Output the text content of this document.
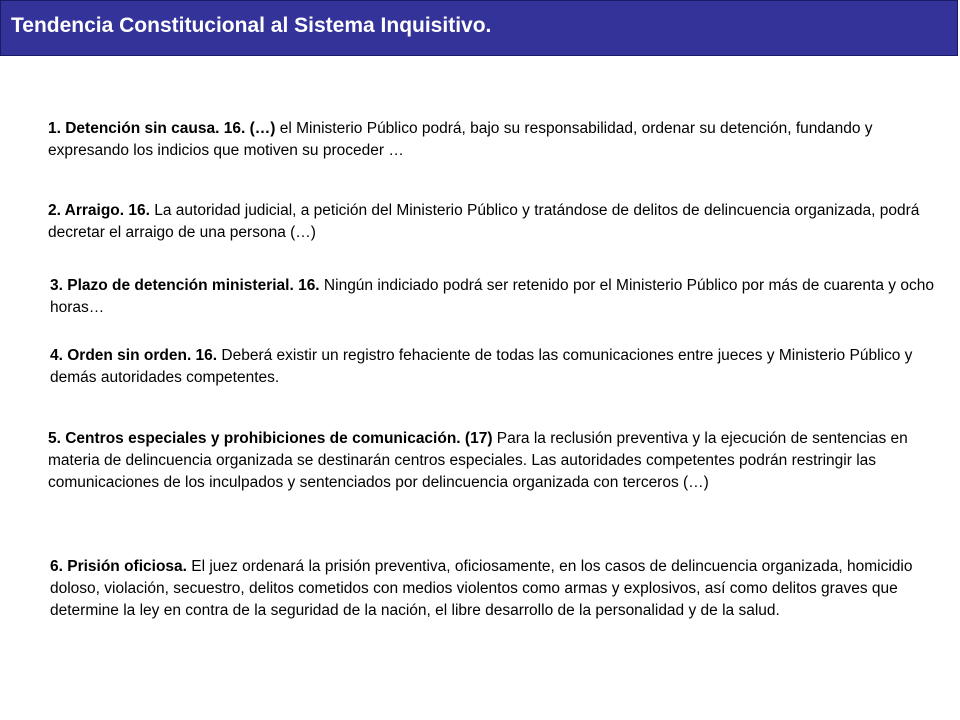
Tendencia Constitucional al Sistema Inquisitivo.

1. Detención sin causa. 16. (…) el Ministerio Público podrá, bajo su responsabilidad, ordenar su detención, fundando y expresando los indicios que motiven su proceder …

2. Arraigo. 16. La autoridad judicial, a petición del Ministerio Público y tratándose de delitos de delincuencia organizada, podrá decretar el arraigo de una persona (…)

3. Plazo de detención ministerial. 16. Ningún indiciado podrá ser retenido por el Ministerio Público por más de cuarenta y ocho horas…

4. Orden sin orden. 16. Deberá existir un registro fehaciente de todas las comunicaciones entre jueces y Ministerio Público y demás autoridades competentes.

5. Centros especiales y prohibiciones de comunicación. (17) Para la reclusión preventiva y la ejecución de sentencias en materia de delincuencia organizada se destinarán centros especiales. Las autoridades competentes podrán restringir las comunicaciones de los inculpados y sentenciados por delincuencia organizada con terceros (…)

6. Prisión oficiosa. El juez ordenará la prisión preventiva, oficiosamente, en los casos de delincuencia organizada, homicidio doloso, violación, secuestro, delitos cometidos con medios violentos como armas y explosivos, así como delitos graves que determine la ley en contra de la seguridad de la nación, el libre desarrollo de la personalidad y de la salud.
